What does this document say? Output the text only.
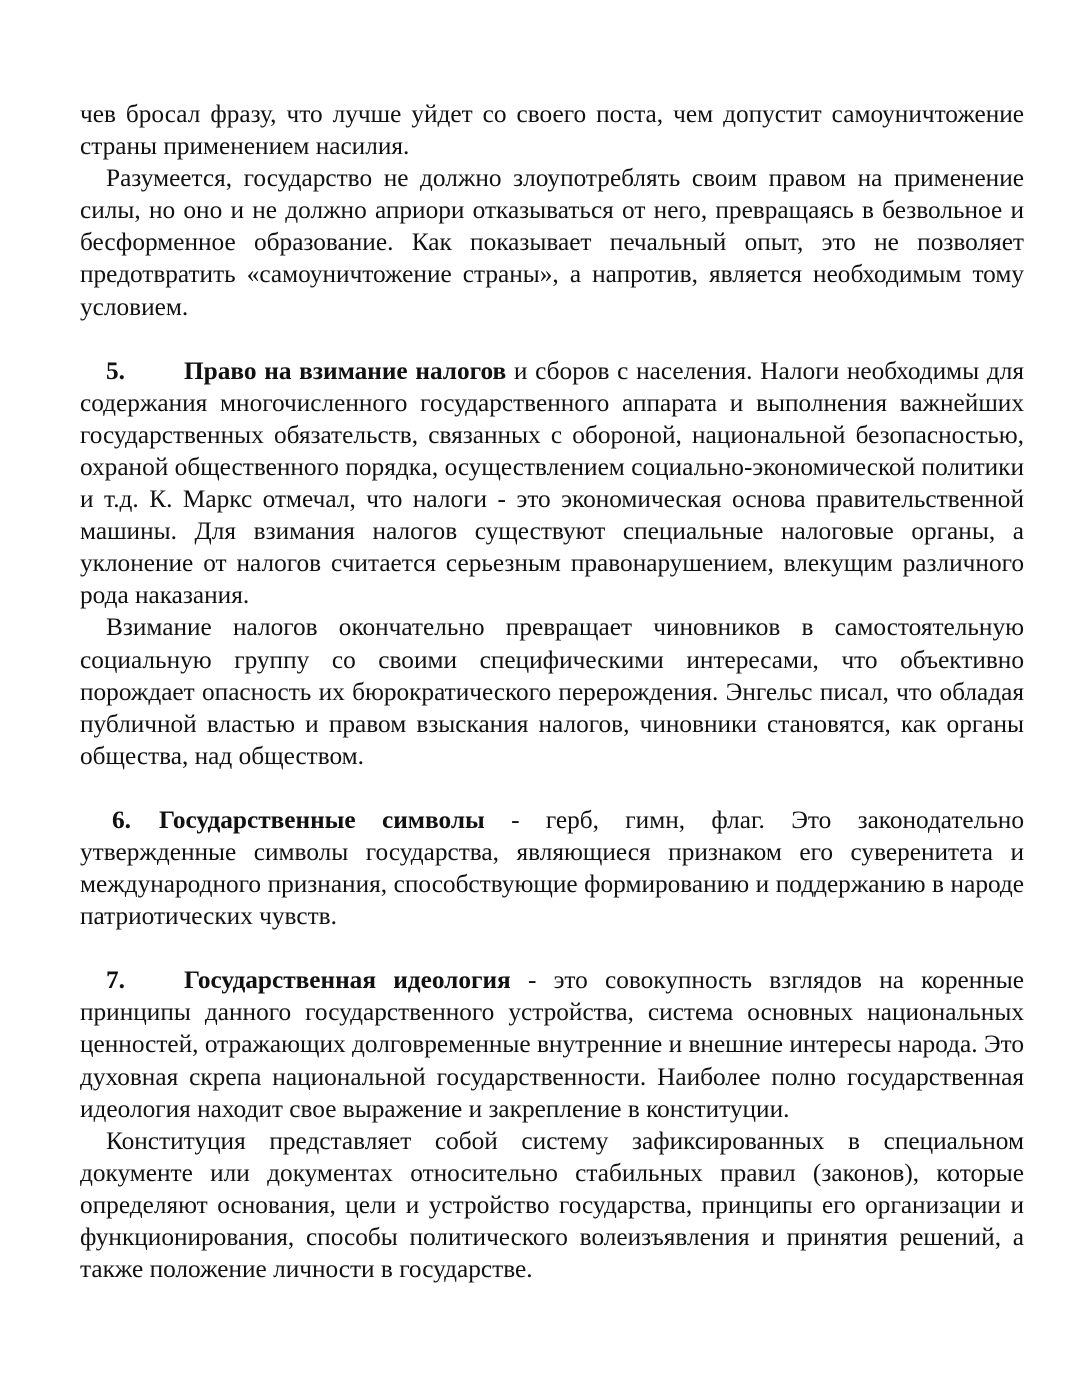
чев бросал фразу, что лучше уйдет со своего поста, чем допустит самоуничтожение страны применением насилия.

Разумеется, государство не должно злоупотреблять своим правом на применение силы, но оно и не должно априори отказываться от него, превращаясь в безвольное и бесформенное образование. Как показывает печальный опыт, это не позволяет предотвратить «самоуничтожение страны», а напротив, является необходимым тому условием.

5. Право на взимание налогов и сборов с населения. Налоги необходимы для содержания многочисленного государственного аппарата и выполнения важнейших государственных обязательств, связанных с обороной, национальной безопасностью, охраной общественного порядка, осуществлением социально-экономической политики и т.д. К. Маркс отмечал, что налоги - это экономическая основа правительственной машины. Для взимания налогов существуют специальные налоговые органы, а уклонение от налогов считается серьезным правонарушением, влекущим различного рода наказания.

Взимание налогов окончательно превращает чиновников в самостоятельную социальную группу со своими специфическими интересами, что объективно порождает опасность их бюрократического перерождения. Энгельс писал, что обладая публичной властью и правом взыскания налогов, чиновники становятся, как органы общества, над обществом.

6. Государственные символы - герб, гимн, флаг. Это законодательно утвержденные символы государства, являющиеся признаком его суверенитета и международного признания, способствующие формированию и поддержанию в народе патриотических чувств.

7. Государственная идеология - это совокупность взглядов на коренные принципы данного государственного устройства, система основных национальных ценностей, отражающих долговременные внутренние и внешние интересы народа. Это духовная скрепа национальной государственности. Наиболее полно государственная идеология находит свое выражение и закрепление в конституции.

Конституция представляет собой систему зафиксированных в специальном документе или документах относительно стабильных правил (законов), которые определяют основания, цели и устройство государства, принципы его организации и функционирования, способы политического волеизъявления и принятия решений, а также положение личности в государстве.
